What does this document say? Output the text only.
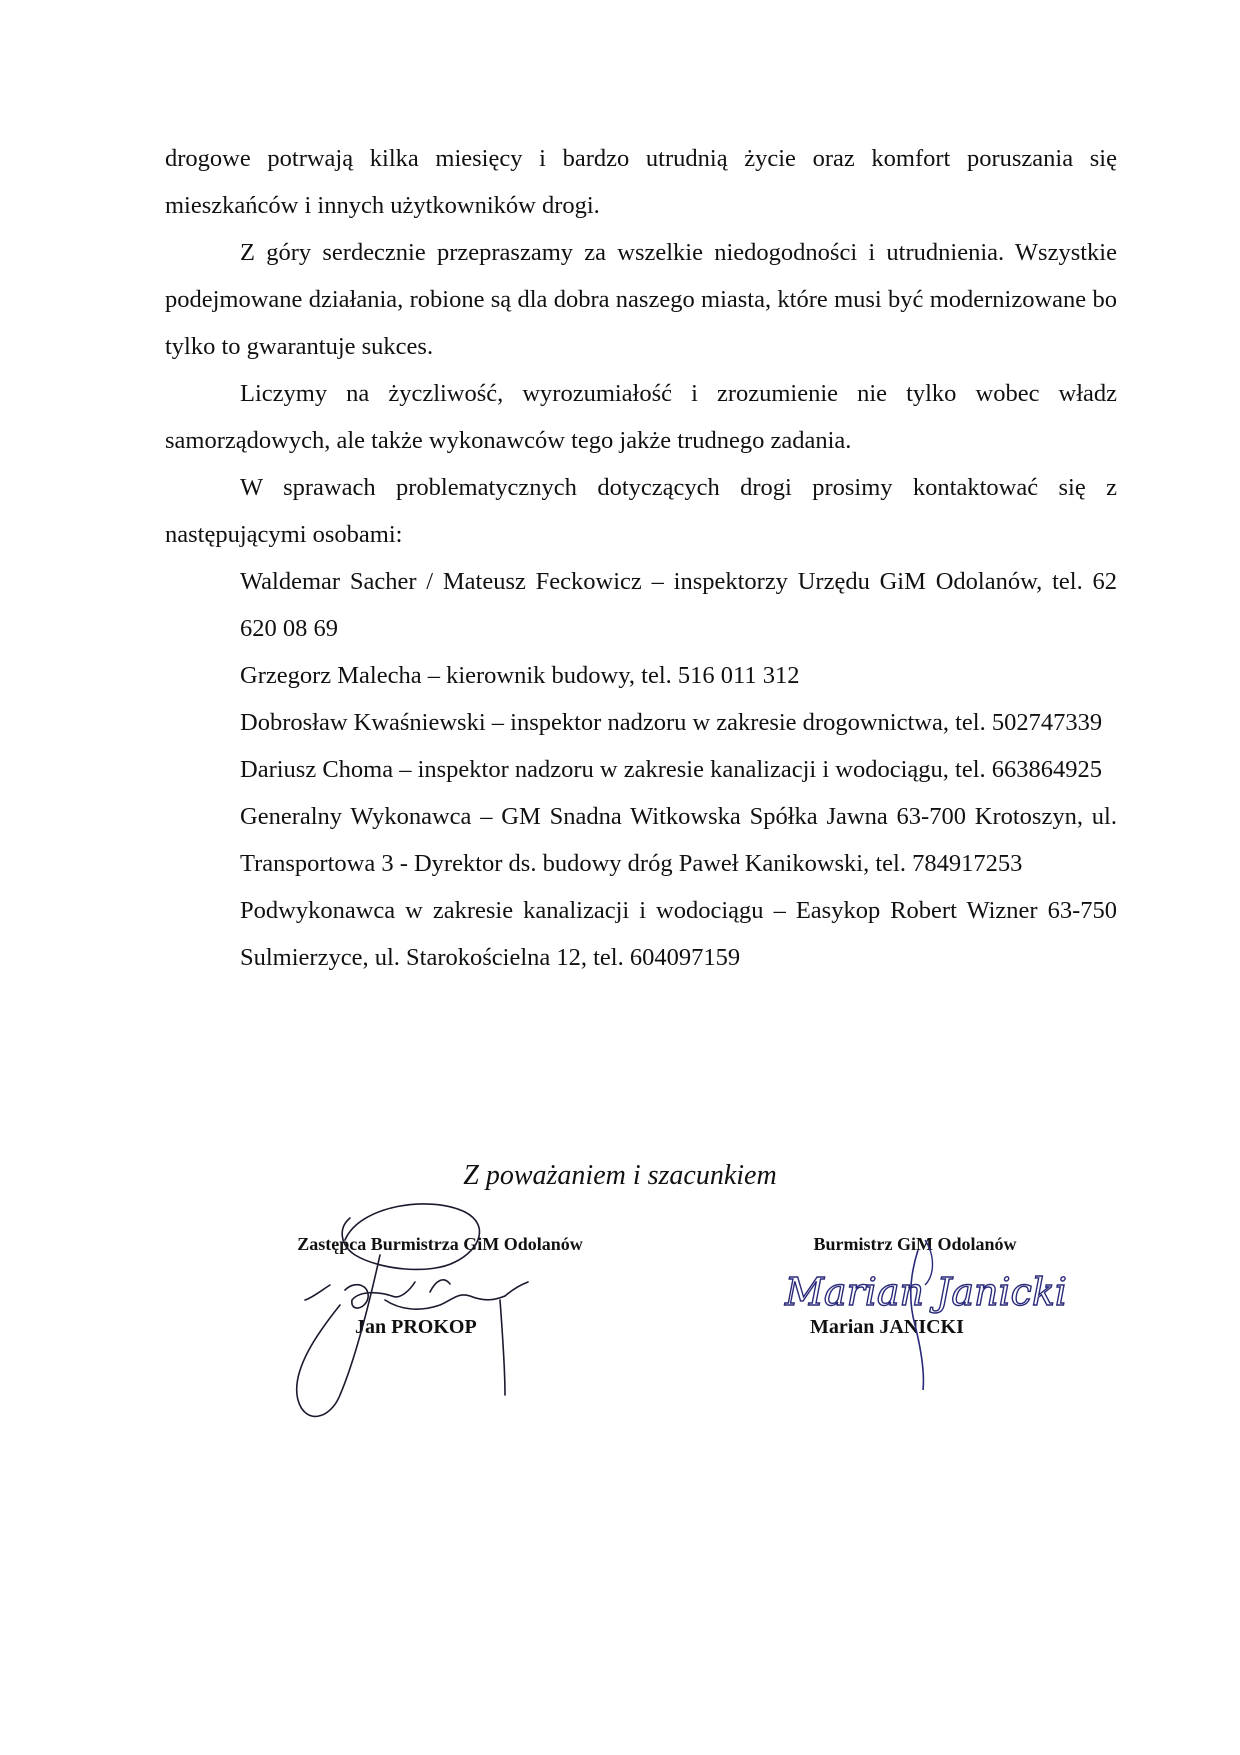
drogowe potrwają kilka miesięcy i bardzo utrudnią życie oraz komfort poruszania się mieszkańców i innych użytkowników drogi.

Z góry serdecznie przepraszamy za wszelkie niedogodności i utrudnienia. Wszystkie podejmowane działania, robione są dla dobra naszego miasta, które musi być modernizowane bo tylko to gwarantuje sukces.

Liczymy na życzliwość, wyrozumiałość i zrozumienie nie tylko wobec władz samorządowych, ale także wykonawców tego jakże trudnego zadania.

W sprawach problematycznych dotyczących drogi prosimy kontaktować się z następującymi osobami:

Waldemar Sacher / Mateusz Feckowicz – inspektorzy Urzędu GiM Odolanów, tel. 62 620 08 69

Grzegorz Malecha – kierownik budowy, tel. 516 011 312

Dobrosław Kwaśniewski – inspektor nadzoru w zakresie drogownictwa, tel. 502747339

Dariusz Choma – inspektor nadzoru w zakresie kanalizacji i wodociągu, tel. 663864925

Generalny Wykonawca – GM Snadna Witkowska Spółka Jawna 63-700 Krotoszyn, ul. Transportowa 3 - Dyrektor ds. budowy dróg Paweł Kanikowski, tel. 784917253

Podwykonawca w zakresie kanalizacji i wodociągu – Easykop Robert Wizner 63-750 Sulmierzyce, ul. Starokościelna 12, tel. 604097159

Z poważaniem i szacunkiem
Zastępca Burmistrza GiM Odolanów
Jan PROKOP
Burmistrz GiM Odolanów
Marian JANICKI
Marian Janicki
